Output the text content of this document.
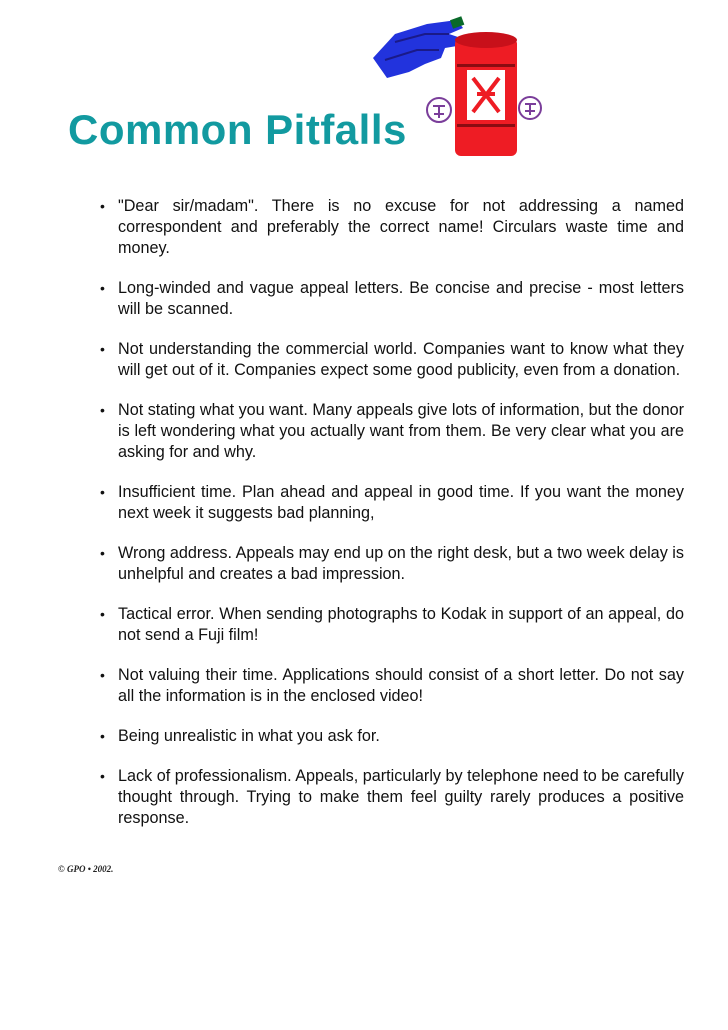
Common Pitfalls
• "Dear sir/madam". There is no excuse for not addressing a named correspondent and preferably the correct name! Circulars waste time and money.
• Long-winded and vague appeal letters. Be concise and precise - most letters will be scanned.
• Not understanding the commercial world. Companies want to know what they will get out of it. Companies expect some good publicity, even from a donation.
• Not stating what you want. Many appeals give lots of information, but the donor is left wondering what you actually want from them. Be very clear what you are asking for and why.
• Insufficient time. Plan ahead and appeal in good time. If you want the money next week it suggests bad planning,
• Wrong address. Appeals may end up on the right desk, but a two week delay is unhelpful and creates a bad impression.
• Tactical error. When sending photographs to Kodak in support of an appeal, do not send a Fuji film!
• Not valuing their time. Applications should consist of a short letter. Do not say all the information is in the enclosed video!
• Being unrealistic in what you ask for.
• Lack of professionalism. Appeals, particularly by telephone need to be carefully thought through. Trying to make them feel guilty rarely produces a positive response.
© GPO • 2002.
